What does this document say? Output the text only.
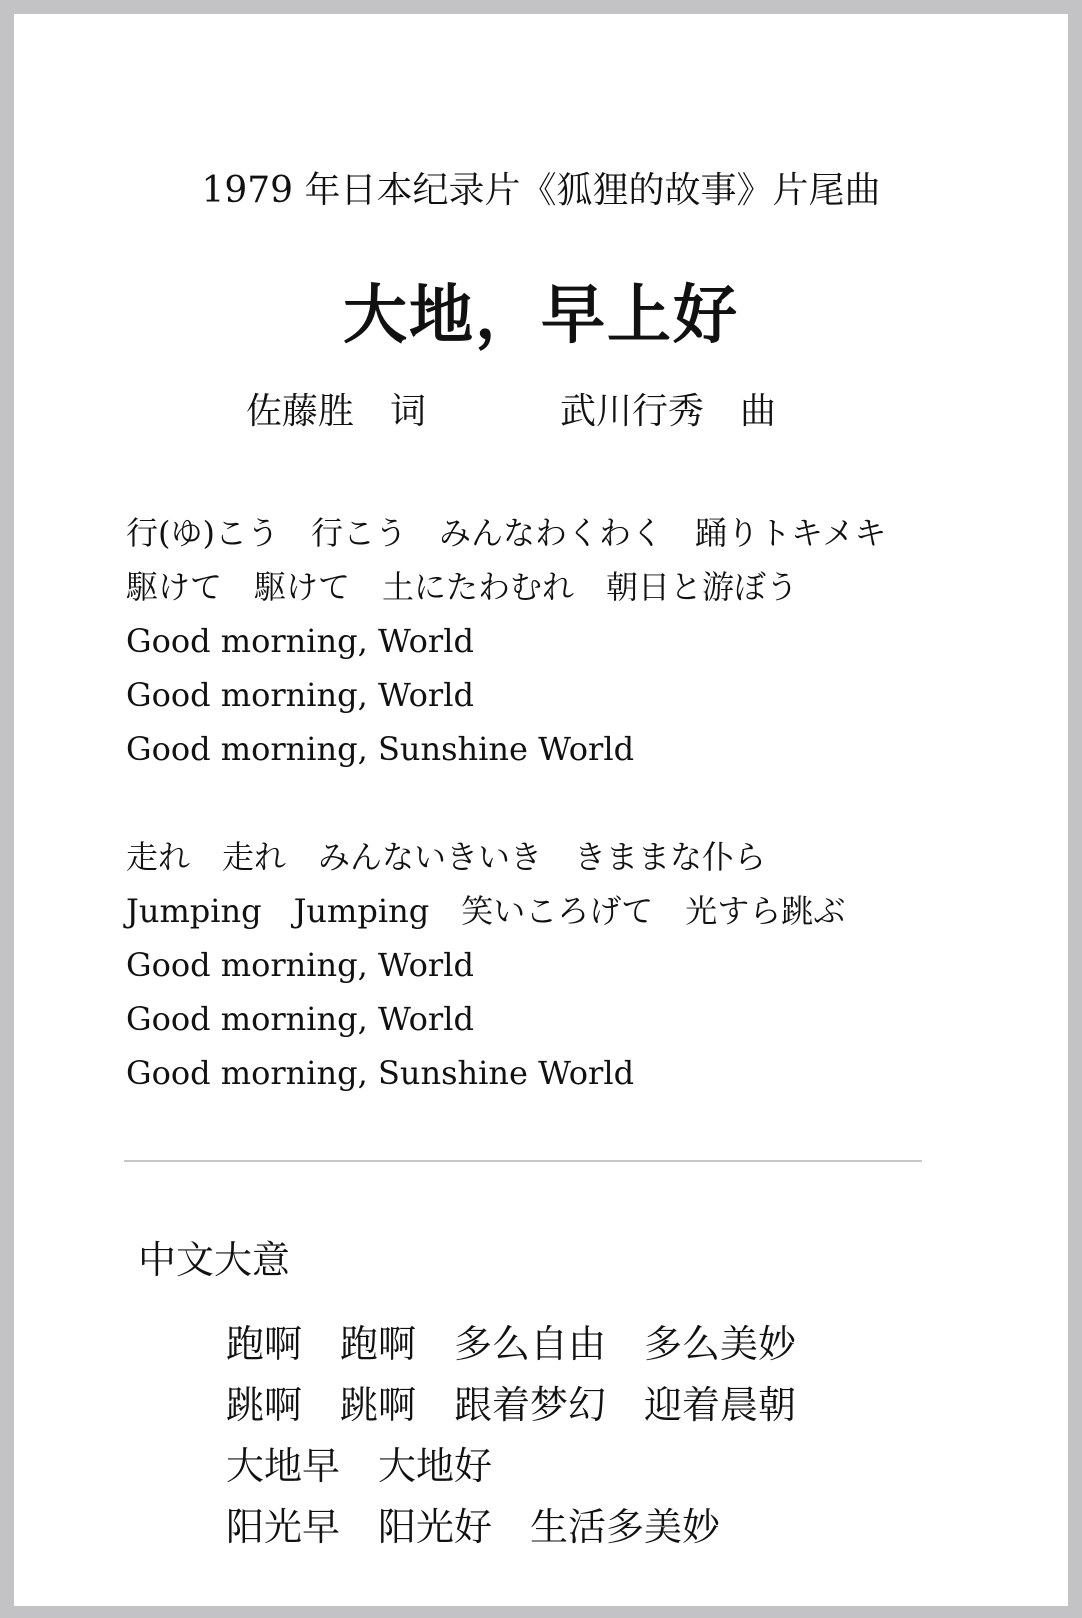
1979 年日本纪录片《狐狸的故事》片尾曲
大地，早上好
佐藤胜　词	武川行秀　曲
行(ゆ)こう　行こう　みんなわくわく　踊りトキメキ
駆けて　駆けて　土にたわむれ　朝日と游ぼう
Good morning, World
Good morning, World
Good morning, Sunshine World
走れ　走れ　みんないきいき　きままな仆ら
Jumping　Jumping　笑いころげて　光すら跳ぶ
Good morning, World
Good morning, World
Good morning, Sunshine World
中文大意
跑啊　跑啊　多么自由　多么美妙
跳啊　跳啊　跟着梦幻　迎着晨朝
大地早　大地好
阳光早　阳光好　生活多美妙
